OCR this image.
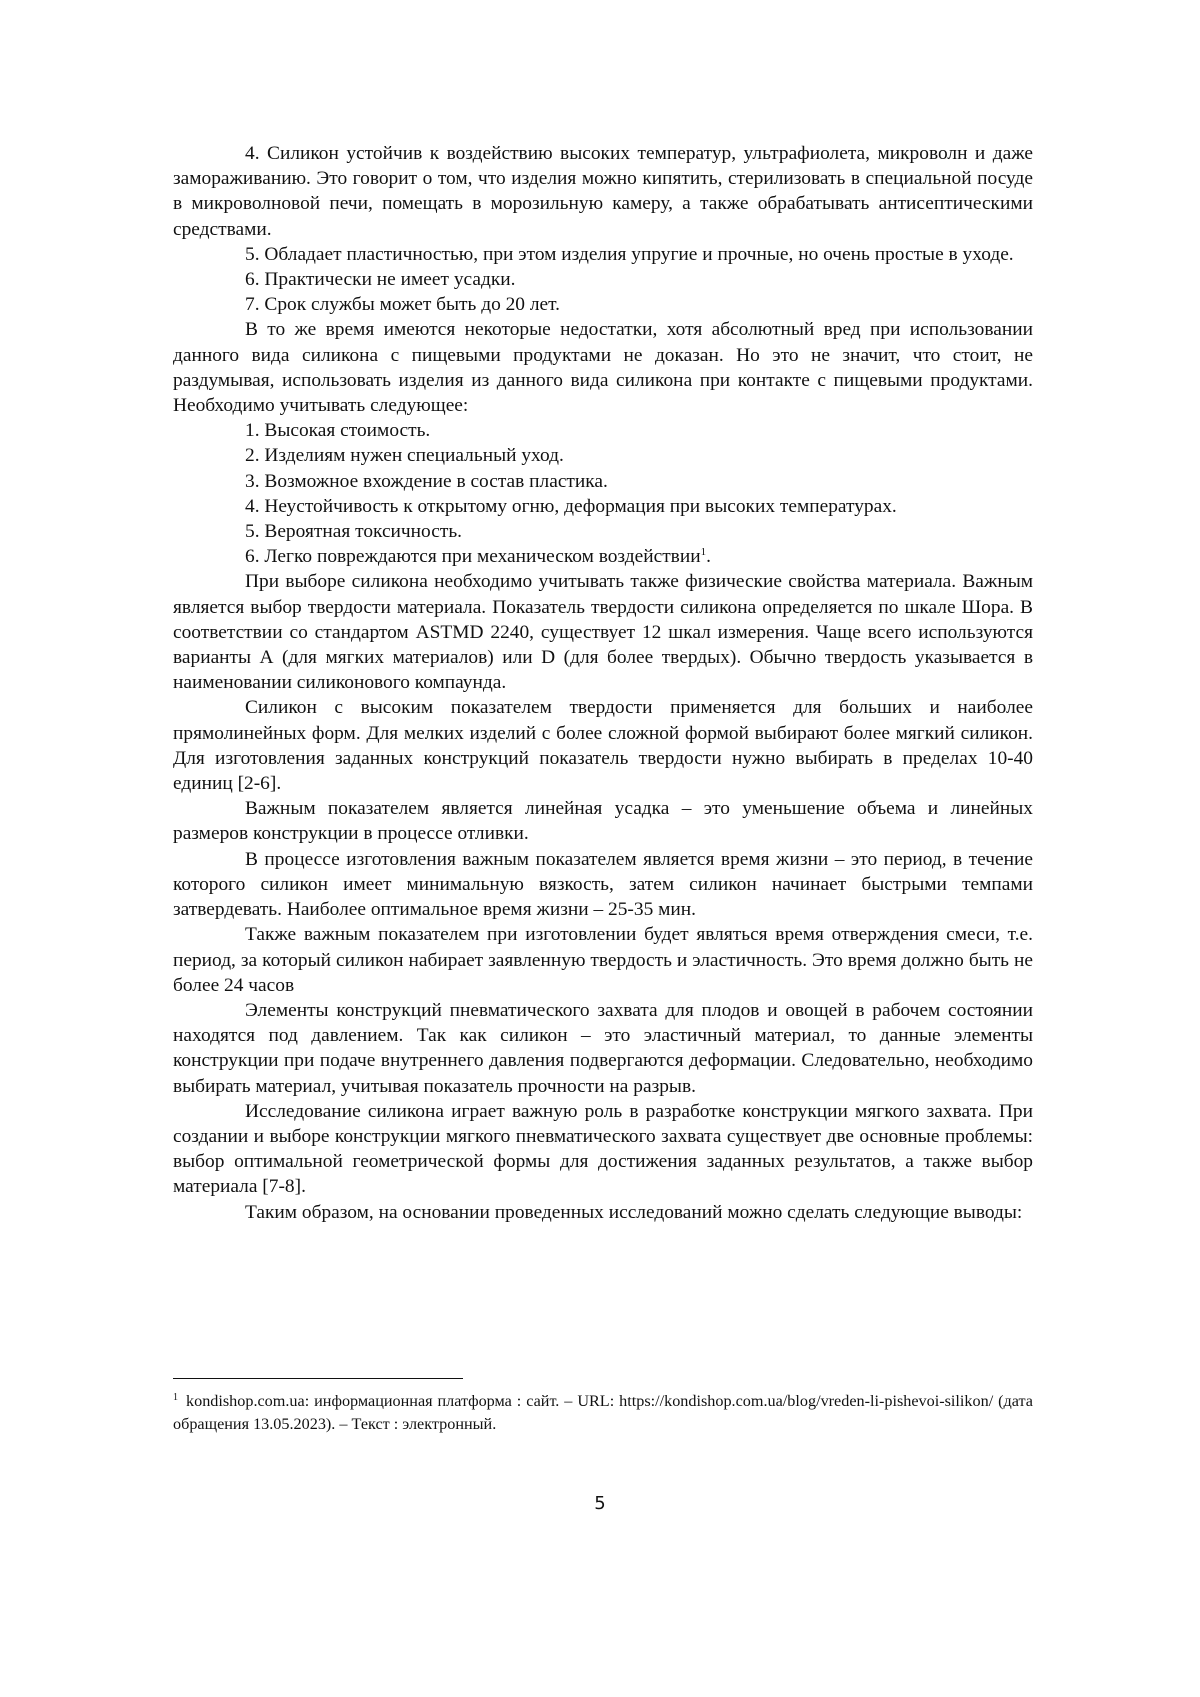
4. Силикон устойчив к воздействию высоких температур, ультрафиолета, микроволн и даже замораживанию. Это говорит о том, что изделия можно кипятить, стерилизовать в специальной посуде в микроволновой печи, помещать в морозильную камеру, а также обрабатывать антисептическими средствами.

5. Обладает пластичностью, при этом изделия упругие и прочные, но очень простые в уходе.

6. Практически не имеет усадки.

7. Срок службы может быть до 20 лет.

В то же время имеются некоторые недостатки, хотя абсолютный вред при использовании данного вида силикона с пищевыми продуктами не доказан. Но это не значит, что стоит, не раздумывая, использовать изделия из данного вида силикона при контакте с пищевыми продуктами. Необходимо учитывать следующее:

1. Высокая стоимость.

2. Изделиям нужен специальный уход.

3. Возможное вхождение в состав пластика.

4. Неустойчивость к открытому огню, деформация при высоких температурах.

5. Вероятная токсичность.

6. Легко повреждаются при механическом воздействии$^1$.

При выборе силикона необходимо учитывать также физические свойства материала. Важным является выбор твердости материала. Показатель твердости силикона определяется по шкале Шора. В соответствии со стандартом ASTMD 2240, существует 12 шкал измерения. Чаще всего используются варианты А (для мягких материалов) или D (для более твердых). Обычно твердость указывается в наименовании силиконового компаунда.

Силикон с высоким показателем твердости применяется для больших и наиболее прямолинейных форм. Для мелких изделий с более сложной формой выбирают более мягкий силикон. Для изготовления заданных конструкций показатель твердости нужно выбирать в пределах 10-40 единиц [2-6].

Важным показателем является линейная усадка – это уменьшение объема и линейных размеров конструкции в процессе отливки.

В процессе изготовления важным показателем является время жизни – это период, в течение которого силикон имеет минимальную вязкость, затем силикон начинает быстрыми темпами затвердевать. Наиболее оптимальное время жизни – 25-35 мин.

Также важным показателем при изготовлении будет являться время отверждения смеси, т.е. период, за который силикон набирает заявленную твердость и эластичность. Это время должно быть не более 24 часов

Элементы конструкций пневматического захвата для плодов и овощей в рабочем состоянии находятся под давлением. Так как силикон – это эластичный материал, то данные элементы конструкции при подаче внутреннего давления подвергаются деформации. Следовательно, необходимо выбирать материал, учитывая показатель прочности на разрыв.

Исследование силикона играет важную роль в разработке конструкции мягкого захвата. При создании и выборе конструкции мягкого пневматического захвата существует две основные проблемы: выбор оптимальной геометрической формы для достижения заданных результатов, а также выбор материала [7-8].

Таким образом, на основании проведенных исследований можно сделать следующие выводы:

$^1$ kondishop.com.ua: информационная платформа : сайт. – URL: https://kondishop.com.ua/blog/vreden-li-pishevoi-silikon/ (дата обращения 13.05.2023). – Текст : электронный.
5
